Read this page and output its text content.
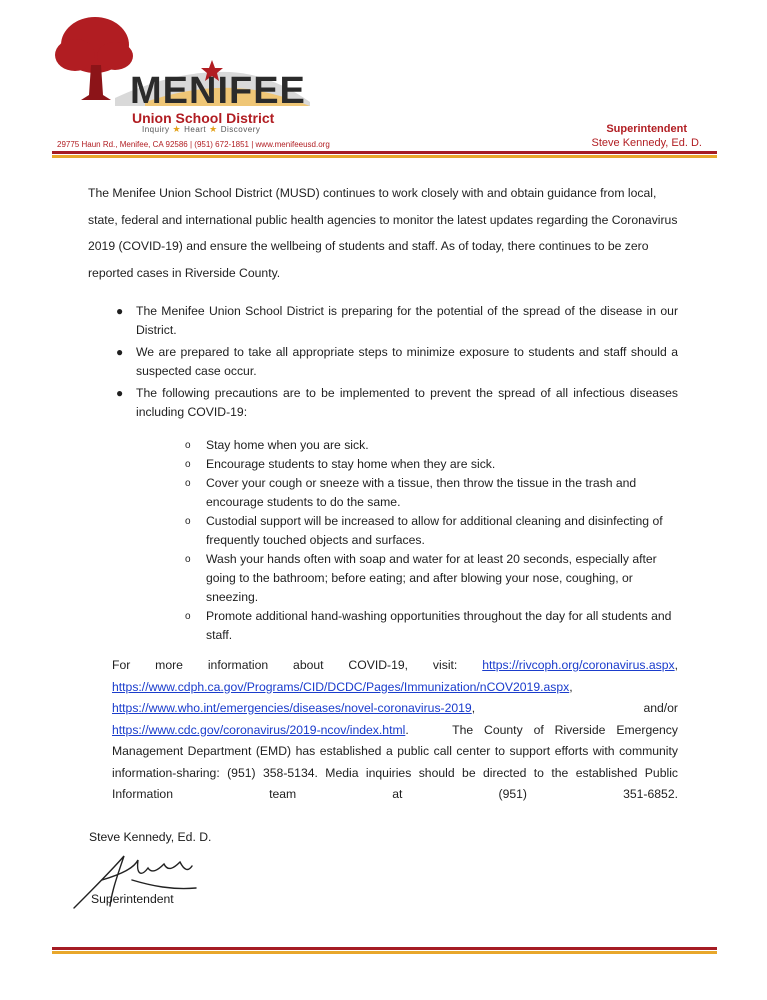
MENIFEE
Union School District
Inquiry ★ Heart ★ Discovery
29775 Haun Rd., Menifee, CA 92586 | (951) 672-1851 | www.menifeeusd.org
Superintendent
Steve Kennedy, Ed. D.

The Menifee Union School District (MUSD) continues to work closely with and obtain guidance from local, state, federal and international public health agencies to monitor the latest updates regarding the Coronavirus 2019 (COVID-19) and ensure the wellbeing of students and staff. As of today, there continues to be zero reported cases in Riverside County.

● The Menifee Union School District is preparing for the potential of the spread of the disease in our District.
● We are prepared to take all appropriate steps to minimize exposure to students and staff should a suspected case occur.
● The following precautions are to be implemented to prevent the spread of all infectious diseases including COVID-19:
o Stay home when you are sick.
o Encourage students to stay home when they are sick.
o Cover your cough or sneeze with a tissue, then throw the tissue in the trash and encourage students to do the same.
o Custodial support will be increased to allow for additional cleaning and disinfecting of frequently touched objects and surfaces.
o Wash your hands often with soap and water for at least 20 seconds, especially after going to the bathroom; before eating; and after blowing your nose, coughing, or sneezing.
o Promote additional hand-washing opportunities throughout the day for all students and staff.

For more information about COVID-19, visit: https://rivcoph.org/coronavirus.aspx, https://www.cdph.ca.gov/Programs/CID/DCDC/Pages/Immunization/nCOV2019.aspx, https://www.who.int/emergencies/diseases/novel-coronavirus-2019, and/or https://www.cdc.gov/coronavirus/2019-ncov/index.html.    The County of Riverside Emergency Management Department (EMD) has established a public call center to support efforts with community information-sharing: (951) 358-5134. Media inquiries should be directed to the established Public Information team at (951) 351-6852.

Steve Kennedy, Ed. D.
Superintendent
